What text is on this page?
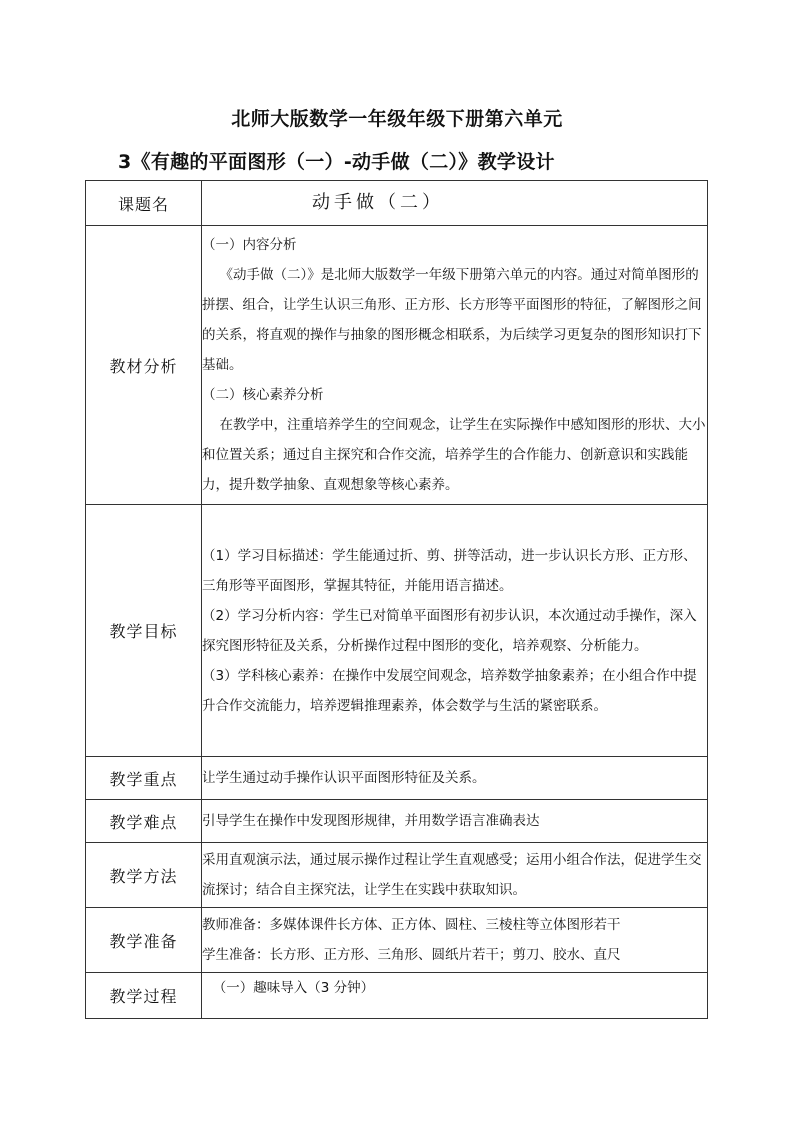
北师大版数学一年级年级下册第六单元
3《有趣的平面图形（一）-动手做（二）》教学设计
课题名	动手做（二）
教材分析	（一）内容分析

《动手做（二）》是北师大版数学一年级下册第六单元的内容。通过对简单图形的拼摆、组合，让学生认识三角形、正方形、长方形等平面图形的特征，了解图形之间的关系，将直观的操作与抽象的图形概念相联系，为后续学习更复杂的图形知识打下基础。

（二）核心素养分析

在教学中，注重培养学生的空间观念，让学生在实际操作中感知图形的形状、大小和位置关系；通过自主探究和合作交流，培养学生的合作能力、创新意识和实践能力，提升数学抽象、直观想象等核心素养。

教学目标	（1）学习目标描述：学生能通过折、剪、拼等活动，进一步认识长方形、正方形、三角形等平面图形，掌握其特征，并能用语言描述。

（2）学习分析内容：学生已对简单平面图形有初步认识，本次通过动手操作，深入探究图形特征及关系，分析操作过程中图形的变化，培养观察、分析能力。

（3）学科核心素养：在操作中发展空间观念，培养数学抽象素养；在小组合作中提升合作交流能力，培养逻辑推理素养，体会数学与生活的紧密联系。

教学重点	让学生通过动手操作认识平面图形特征及关系。
教学难点	引导学生在操作中发现图形规律，并用数学语言准确表达
教学方法	采用直观演示法，通过展示操作过程让学生直观感受；运用小组合作法，促进学生交流探讨；结合自主探究法，让学生在实践中获取知识。
教学准备	教师准备：多媒体课件长方体、正方体、圆柱、三棱柱等立体图形若干

学生准备：长方形、正方形、三角形、圆纸片若干；剪刀、胶水、直尺

教学过程	（一）趣味导入（3 分钟）
